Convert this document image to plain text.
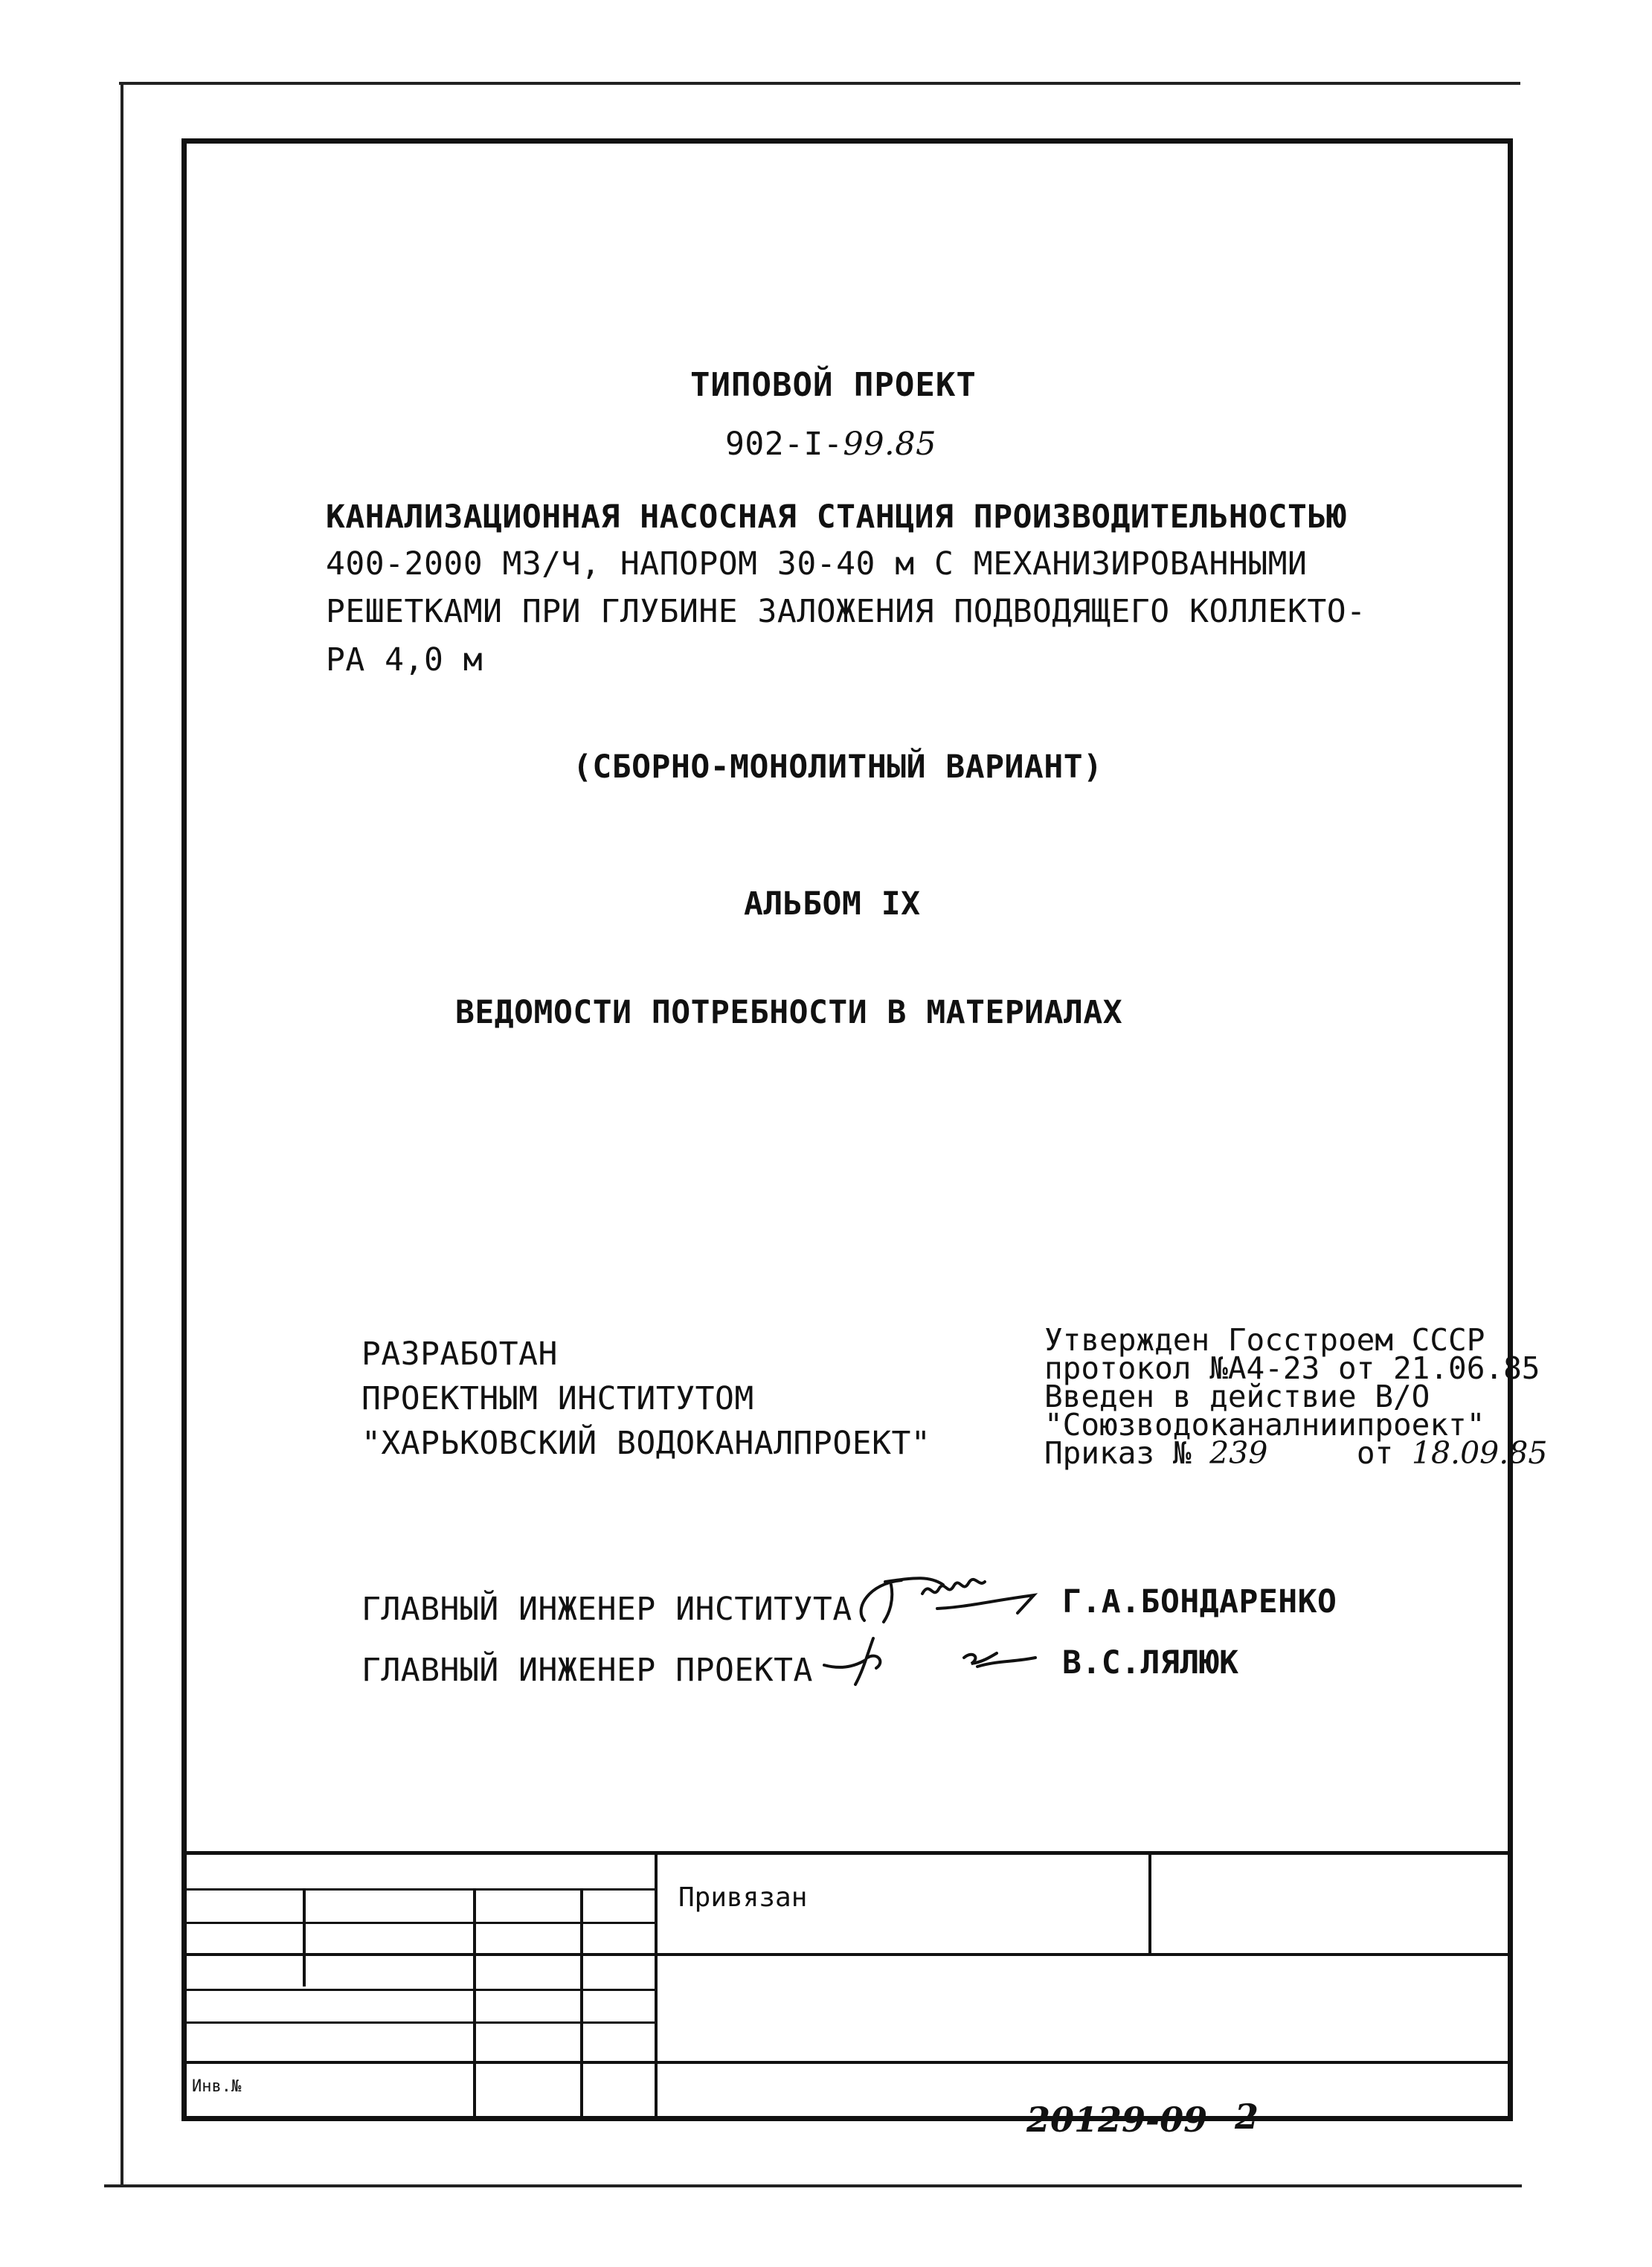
ТИПОВОЙ ПРОЕКТ
902-I-99.85
КАНАЛИЗАЦИОННАЯ НАСОСНАЯ СТАНЦИЯ ПРОИЗВОДИТЕЛЬНОСТЬЮ
400-2000 М3/Ч, НАПОРОМ 30-40 м С МЕХАНИЗИРОВАННЫМИ
РЕШЕТКАМИ ПРИ ГЛУБИНЕ ЗАЛОЖЕНИЯ ПОДВОДЯЩЕГО КОЛЛЕКТО-
РА 4,0 м
(СБОРНО-МОНОЛИТНЫЙ ВАРИАНТ)
АЛЬБОМ IX
ВЕДОМОСТИ ПОТРЕБНОСТИ В МАТЕРИАЛАХ
РАЗРАБОТАН
ПРОЕКТНЫМ ИНСТИТУТОМ
"ХАРЬКОВСКИЙ ВОДОКАНАЛПРОЕКТ"
Утвержден Госстроем СССР
протокол №А4-23 от 21.06.85
Введен в действие В/О
"Союзводоканалниипроект"
Приказ № 239	от 18.09.85
ГЛАВНЫЙ ИНЖЕНЕР ИНСТИТУТА	Г.А.БОНДАРЕНКО
ГЛАВНЫЙ ИНЖЕНЕР ПРОЕКТА	В.С.ЛЯЛЮК
Привязан
Инв.№
20129-09 2
